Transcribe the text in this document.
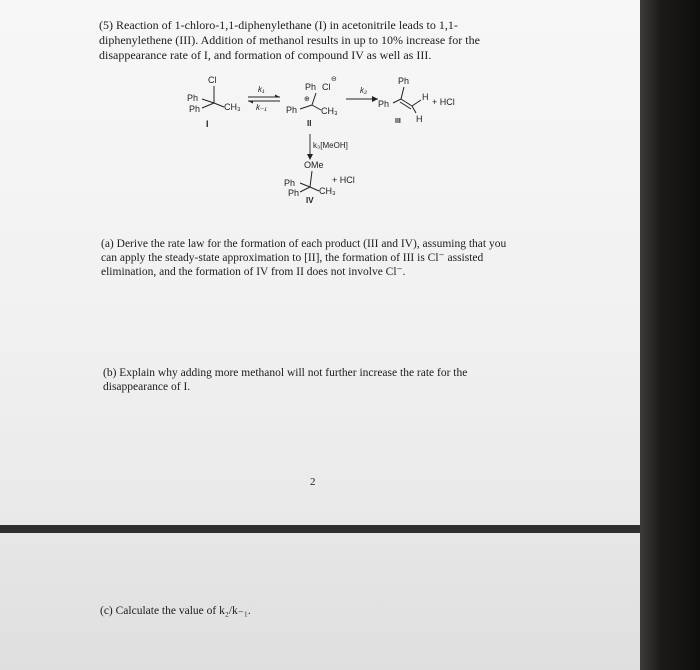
(5) Reaction of 1-chloro-1,1-diphenylethane (I) in acetonitrile leads to 1,1-
diphenylethene (III). Addition of methanol results in up to 10% increase for the
disappearance rate of I, and formation of compound IV as well as III.
Cl
Ph
Ph	CH₃
I
k₁
k₋₁
Ph Cl
⊖
⊕
Ph	CH₃
II
k₂
Ph
Ph
H
H
+ HCl
III
k₃[MeOH]
OMe
Ph
Ph CH₃
+ HCl
IV
(a) Derive the rate law for the formation of each product (III and IV), assuming that you
can apply the steady-state approximation to [II], the formation of III is Cl⁻ assisted
elimination, and the formation of IV from II does not involve Cl⁻.
(b) Explain why adding more methanol will not further increase the rate for the
disappearance of I.
2
(c) Calculate the value of k₂/k₋₁.
